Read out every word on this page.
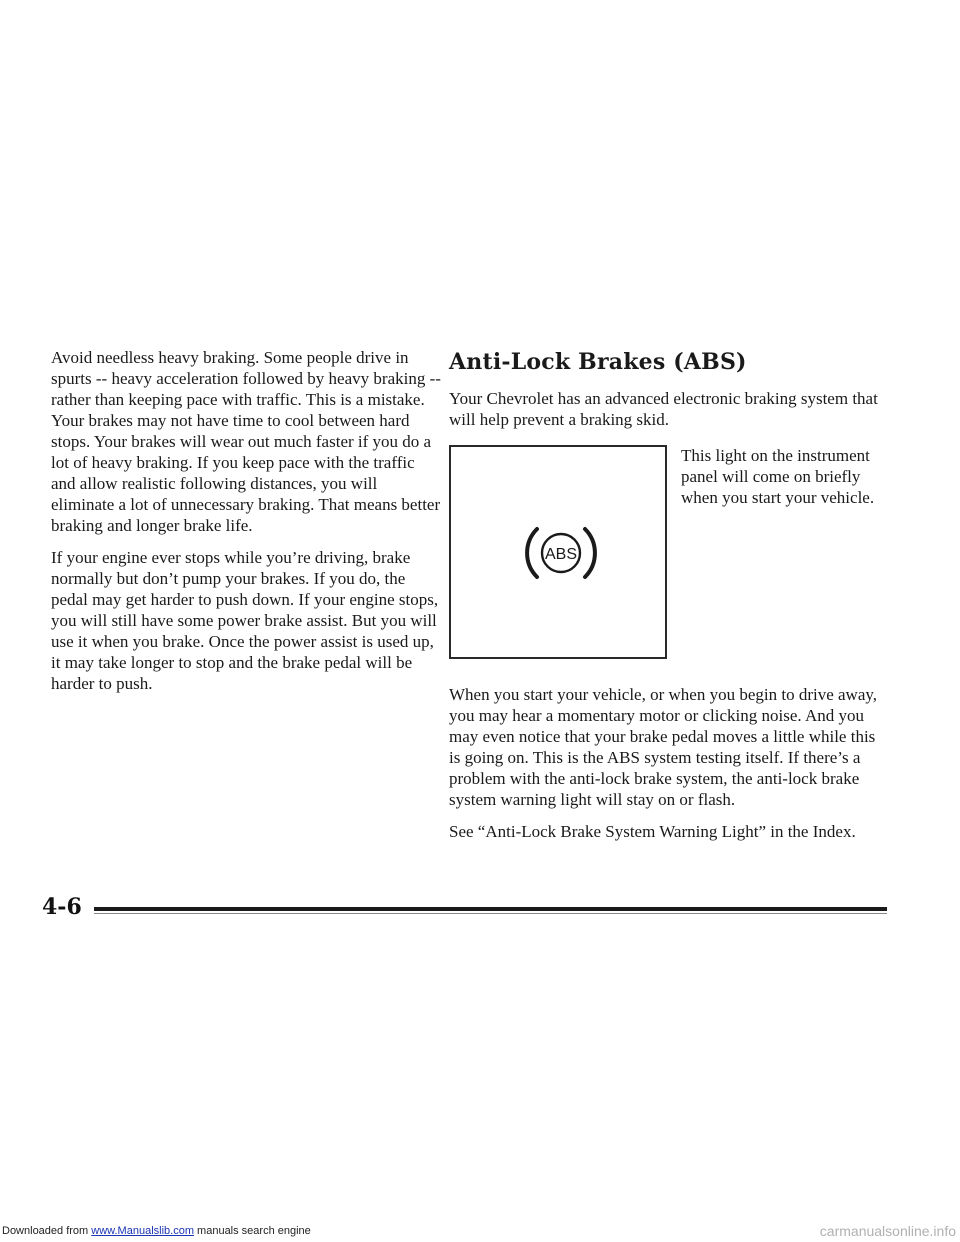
Avoid needless heavy braking. Some people drive in spurts -- heavy acceleration followed by heavy braking -- rather than keeping pace with traffic. This is a mistake. Your brakes may not have time to cool between hard stops. Your brakes will wear out much faster if you do a lot of heavy braking. If you keep pace with the traffic and allow realistic following distances, you will eliminate a lot of unnecessary braking. That means better braking and longer brake life.

If your engine ever stops while you’re driving, brake normally but don’t pump your brakes. If you do, the pedal may get harder to push down. If your engine stops, you will still have some power brake assist. But you will use it when you brake. Once the power assist is used up, it may take longer to stop and the brake pedal will be harder to push.

Anti-Lock Brakes (ABS)

Your Chevrolet has an advanced electronic braking system that will help prevent a braking skid.

ABS

This light on the instrument panel will come on briefly when you start your vehicle.

When you start your vehicle, or when you begin to drive away, you may hear a momentary motor or clicking noise. And you may even notice that your brake pedal moves a little while this is going on. This is the ABS system testing itself. If there’s a problem with the anti-lock brake system, the anti-lock brake system warning light will stay on or flash.

See “Anti-Lock Brake System Warning Light” in the Index.

4-6
Downloaded from www.Manualslib.com manuals search engine	carmanualsonline.info
